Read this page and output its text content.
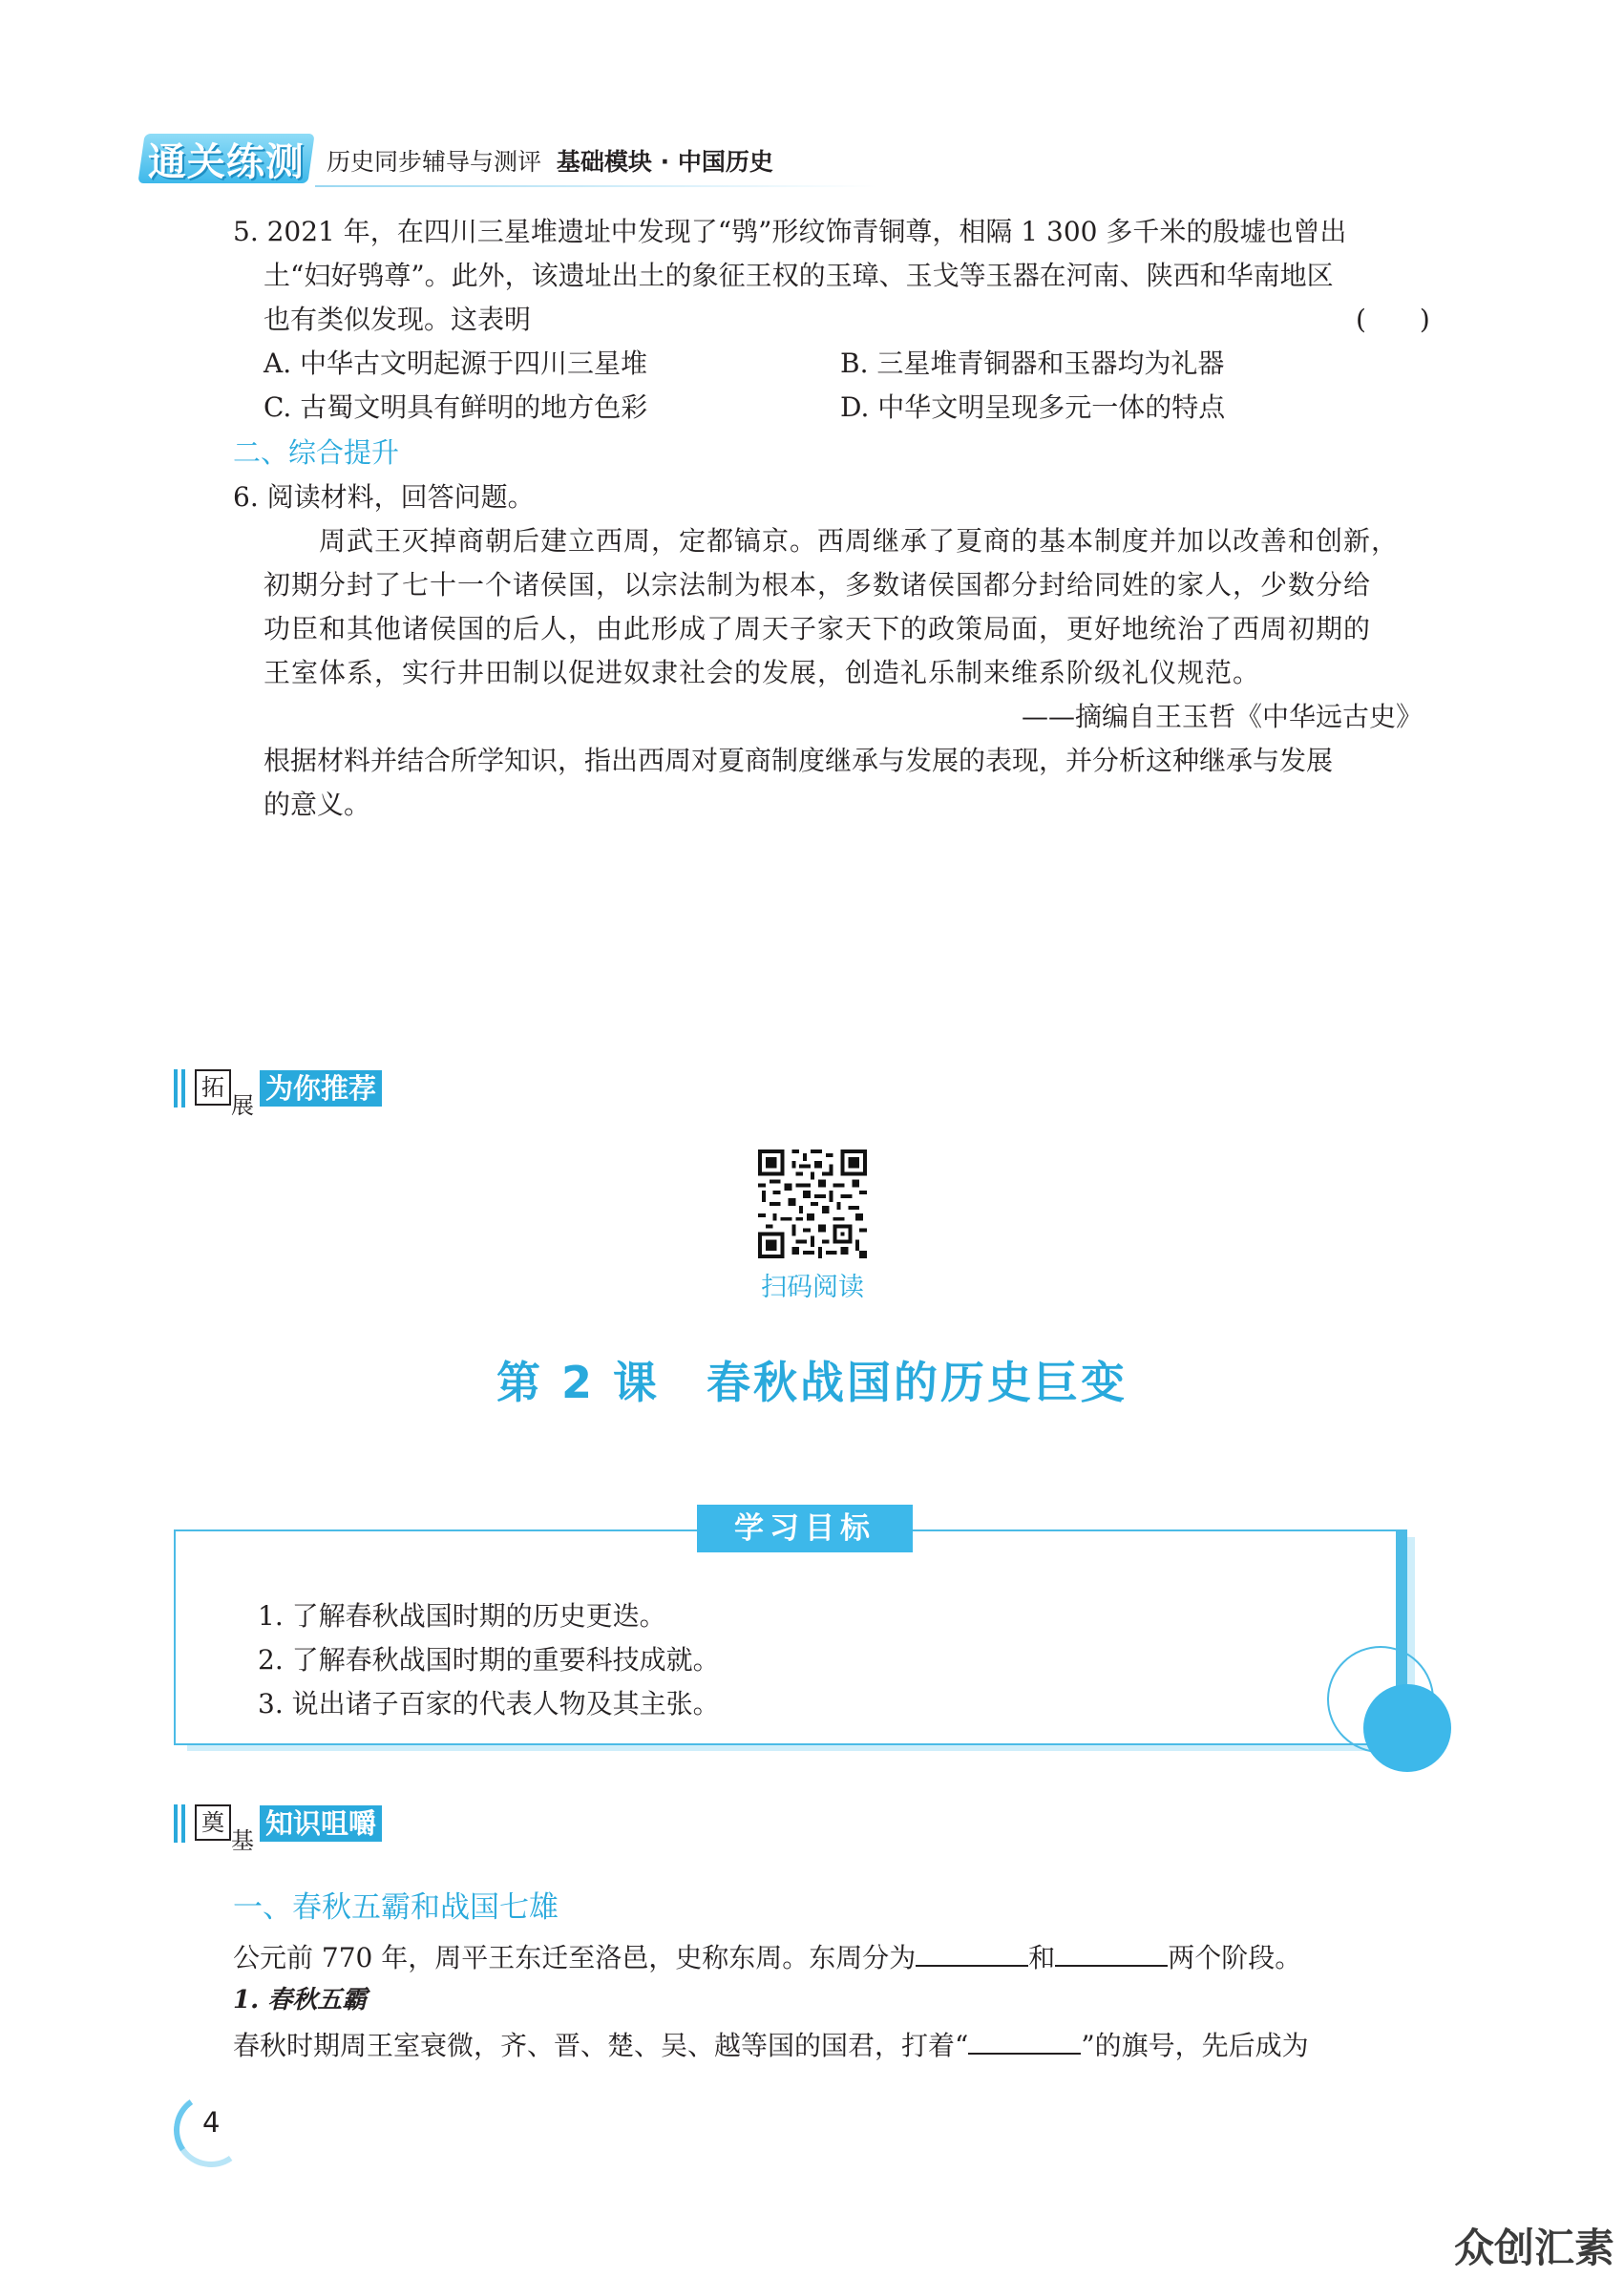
通关练测 历史同步辅导与测评 基础模块 · 中国历史
5. 2021 年，在四川三星堆遗址中发现了“鸮”形纹饰青铜尊，相隔 1 300 多千米的殷墟也曾出
土“妇好鸮尊”。此外，该遗址出土的象征王权的玉璋、玉戈等玉器在河南、陕西和华南地区
也有类似发现。这表明	(　　)
A. 中华古文明起源于四川三星堆	B. 三星堆青铜器和玉器均为礼器
C. 古蜀文明具有鲜明的地方色彩	D. 中华文明呈现多元一体的特点
二、综合提升
6. 阅读材料，回答问题。
　　周武王灭掉商朝后建立西周，定都镐京。西周继承了夏商的基本制度并加以改善和创新，
初期分封了七十一个诸侯国，以宗法制为根本，多数诸侯国都分封给同姓的家人，少数分给
功臣和其他诸侯国的后人，由此形成了周天子家天下的政策局面，更好地统治了西周初期的
王室体系，实行井田制以促进奴隶社会的发展，创造礼乐制来维系阶级礼仪规范。
——摘编自王玉哲《中华远古史》
根据材料并结合所学知识，指出西周对夏商制度继承与发展的表现，并分析这种继承与发展
的意义。
拓
展
为你推荐
扫码阅读
第 2 课　春秋战国的历史巨变
学习目标
1. 了解春秋战国时期的历史更迭。
2. 了解春秋战国时期的重要科技成就。
3. 说出诸子百家的代表人物及其主张。
奠
基
知识咀嚼
一、春秋五霸和战国七雄
公元前 770 年，周平王东迁至洛邑，史称东周。东周分为	和	两个阶段。
1. 春秋五霸
春秋时期周王室衰微，齐、晋、楚、吴、越等国的国君，打着“	”的旗号，先后成为
4
众创汇素
